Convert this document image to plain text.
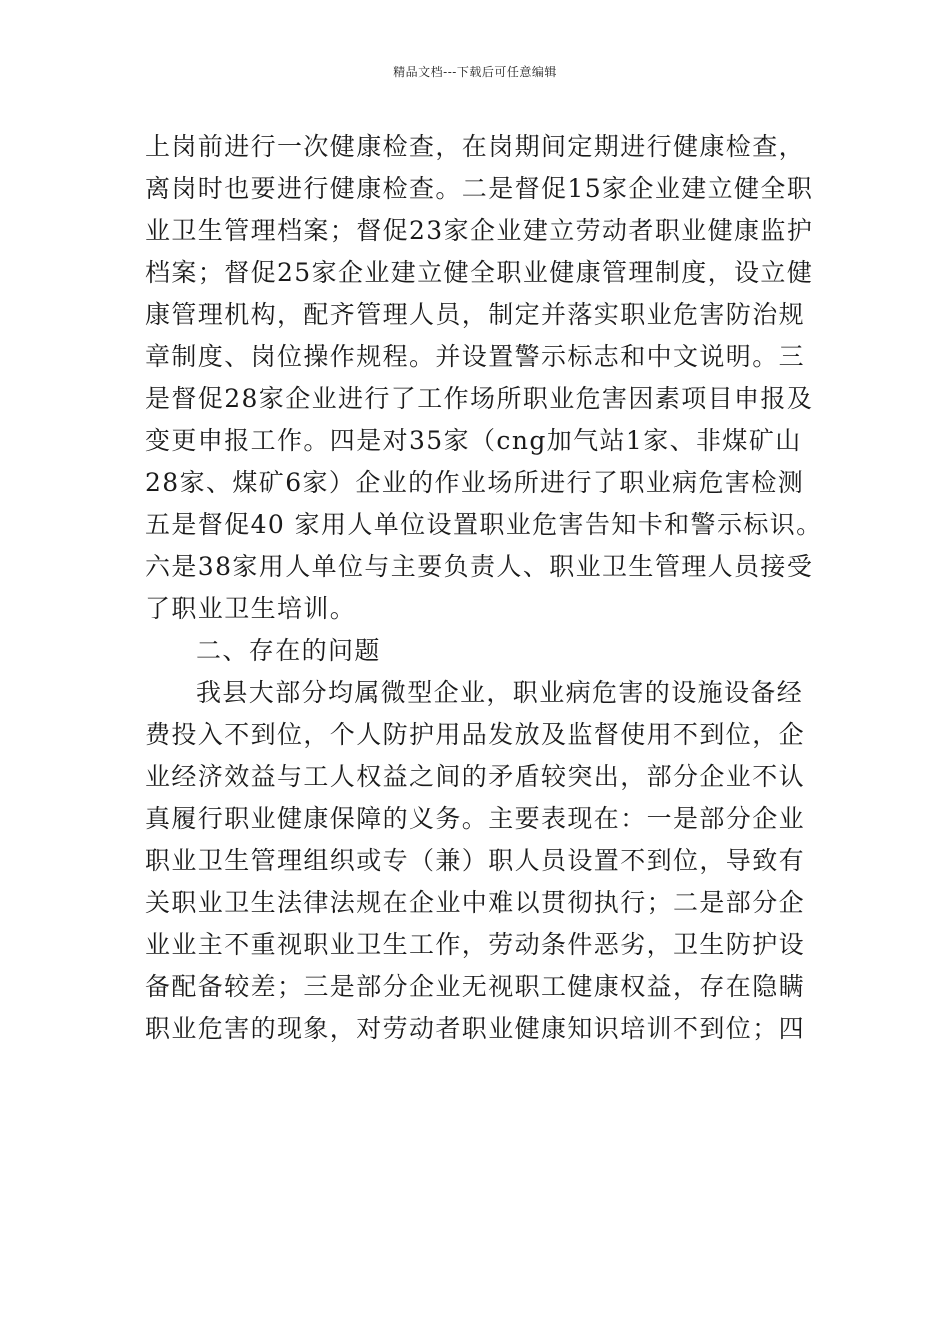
精品文档---下载后可任意编辑
上岗前进行一次健康检查，在岗期间定期进行健康检查，
离岗时也要进行健康检查。二是督促15家企业建立健全职
业卫生管理档案；督促23家企业建立劳动者职业健康监护
档案；督促25家企业建立健全职业健康管理制度，设立健
康管理机构，配齐管理人员，制定并落实职业危害防治规
章制度、岗位操作规程。并设置警示标志和中文说明。三
是督促28家企业进行了工作场所职业危害因素项目申报及
变更申报工作。四是对35家（cng加气站1家、非煤矿山
28家、煤矿6家）企业的作业场所进行了职业病危害检测
五是督促40 家用人单位设置职业危害告知卡和警示标识。
六是38家用人单位与主要负责人、职业卫生管理人员接受
了职业卫生培训。
二、存在的问题
我县大部分均属微型企业，职业病危害的设施设备经
费投入不到位，个人防护用品发放及监督使用不到位，企
业经济效益与工人权益之间的矛盾较突出，部分企业不认
真履行职业健康保障的义务。主要表现在：一是部分企业
职业卫生管理组织或专（兼）职人员设置不到位，导致有
关职业卫生法律法规在企业中难以贯彻执行；二是部分企
业业主不重视职业卫生工作，劳动条件恶劣，卫生防护设
备配备较差；三是部分企业无视职工健康权益，存在隐瞒
职业危害的现象，对劳动者职业健康知识培训不到位；四
